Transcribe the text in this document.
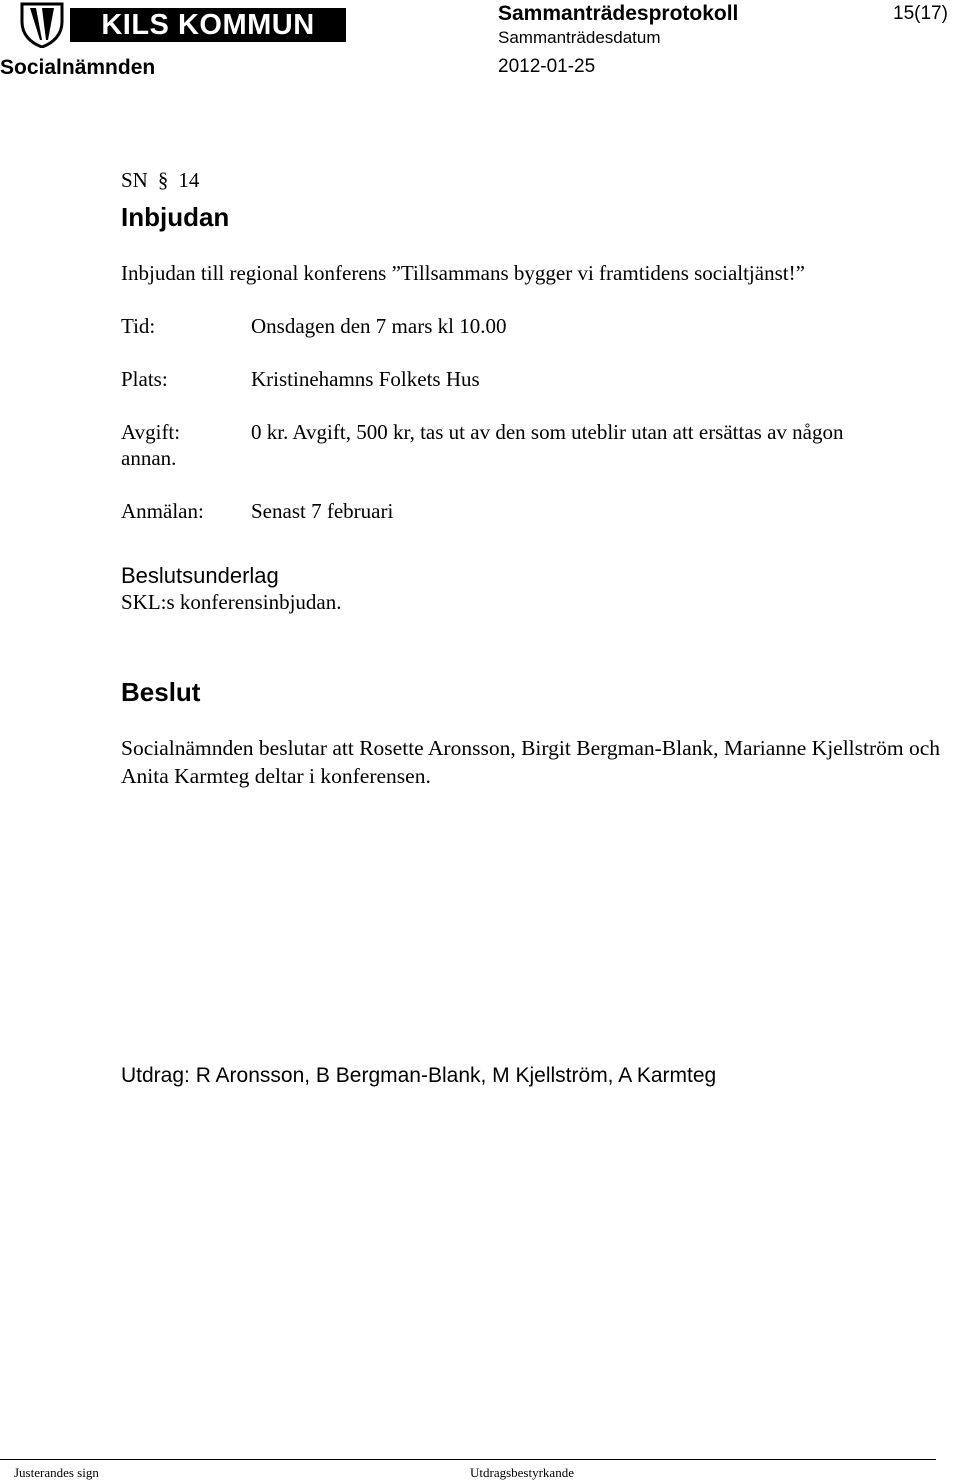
KILS KOMMUN	Sammanträdesprotokoll	15(17)
Sammanträdesdatum
Socialnämnden	2012-01-25
SN § 14
Inbjudan
Inbjudan till regional konferens ”Tillsammans bygger vi framtidens socialtjänst!”
Tid:	Onsdagen den 7 mars kl 10.00
Plats:	Kristinehamns Folkets Hus
Avgift:	0 kr. Avgift, 500 kr, tas ut av den som uteblir utan att ersättas av någon
annan.
Anmälan: Senast 7 februari
Beslutsunderlag
SKL:s konferensinbjudan.
Beslut
Socialnämnden beslutar att Rosette Aronsson, Birgit Bergman-Blank, Marianne Kjellström och Anita Karmteg deltar i konferensen.
Utdrag: R Aronsson, B Bergman-Blank, M Kjellström, A Karmteg
Justerandes sign	Utdragsbestyrkande
